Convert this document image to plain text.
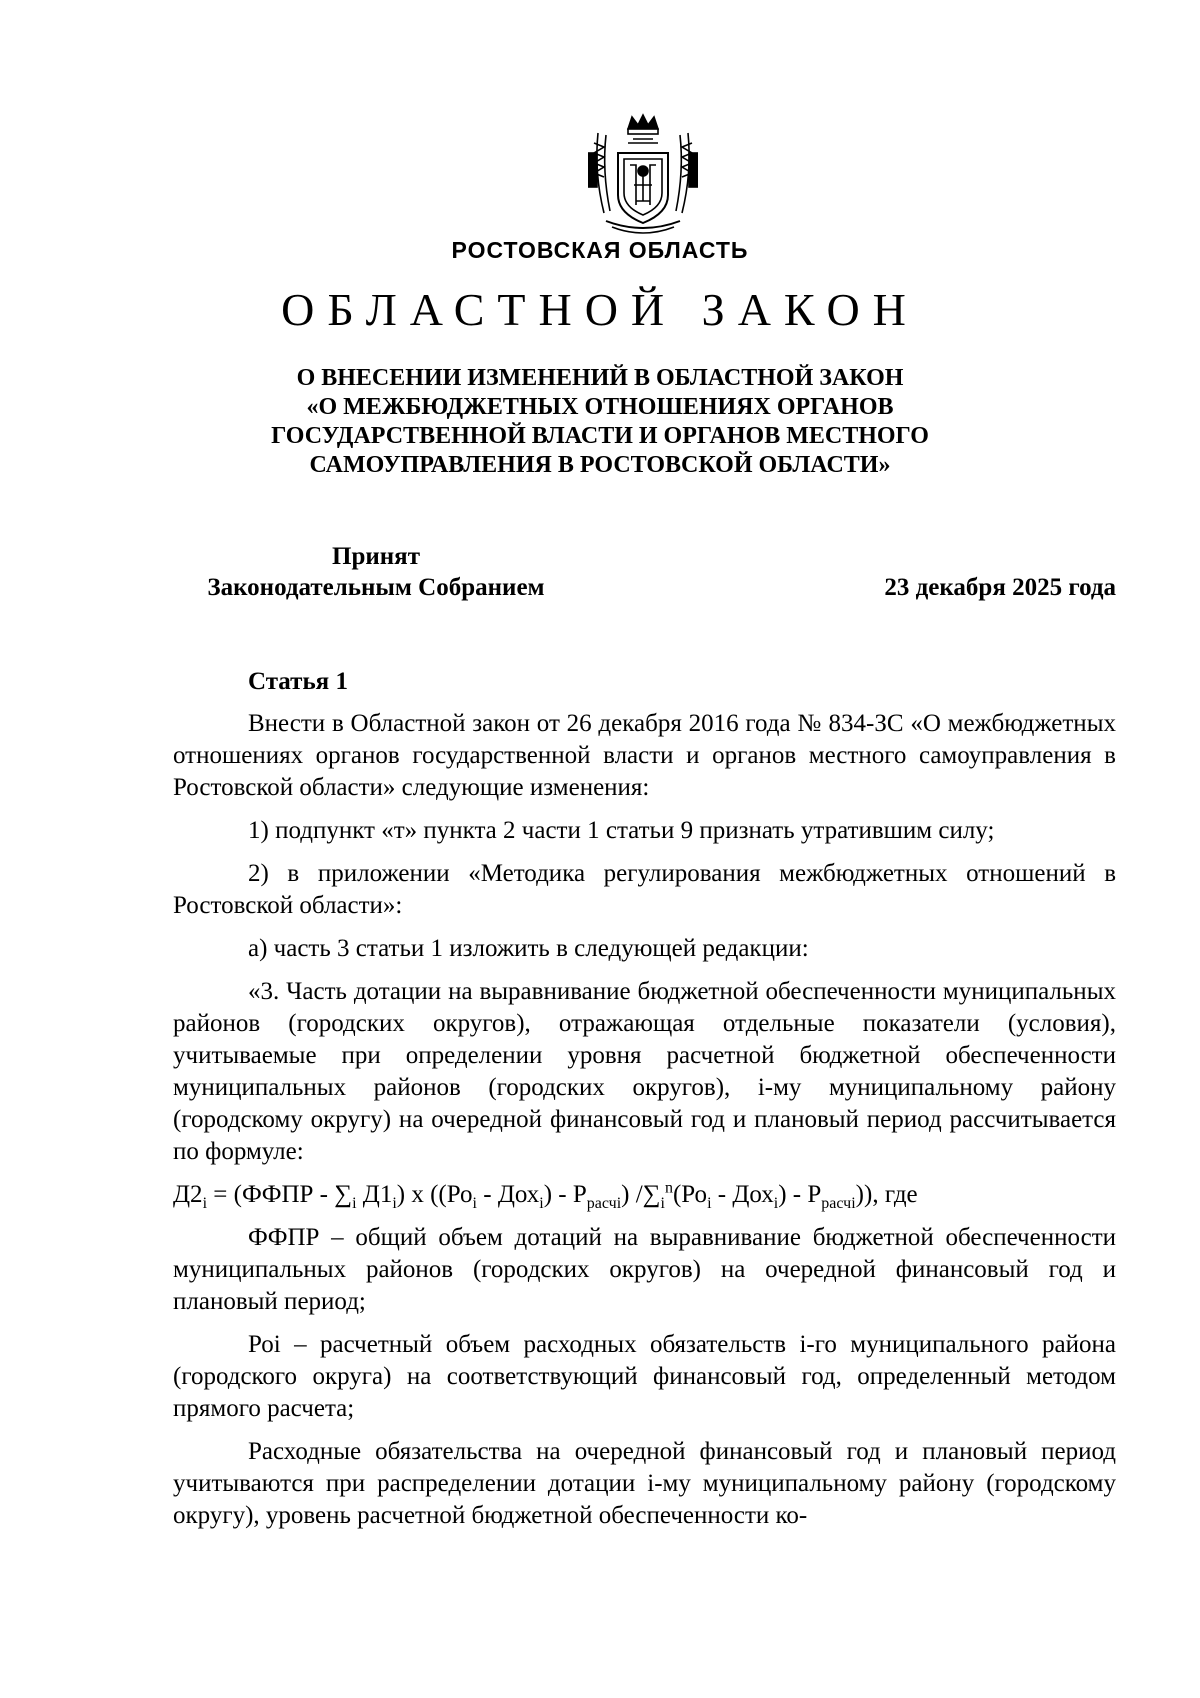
РОСТОВСКАЯ ОБЛАСТЬ
ОБЛАСТНОЙ ЗАКОН
О ВНЕСЕНИИ ИЗМЕНЕНИЙ В ОБЛАСТНОЙ ЗАКОН
«О МЕЖБЮДЖЕТНЫХ ОТНОШЕНИЯХ ОРГАНОВ
ГОСУДАРСТВЕННОЙ ВЛАСТИ И ОРГАНОВ МЕСТНОГО
САМОУПРАВЛЕНИЯ В РОСТОВСКОЙ ОБЛАСТИ»
Принят
Законодательным Собранием	23 декабря 2025 года
Статья 1

Внести в Областной закон от 26 декабря 2016 года № 834-ЗС «О межбюджетных отношениях органов государственной власти и органов местного самоуправления в Ростовской области» следующие изменения:

1) подпункт «т» пункта 2 части 1 статьи 9 признать утратившим силу;

2) в приложении «Методика регулирования межбюджетных отношений в Ростовской области»:

а) часть 3 статьи 1 изложить в следующей редакции:

«3. Часть дотации на выравнивание бюджетной обеспеченности муниципальных районов (городских округов), отражающая отдельные показатели (условия), учитываемые при определении уровня расчетной бюджетной обеспеченности муниципальных районов (городских округов), i-му муниципальному району (городскому округу) на очередной финансовый год и плановый период рассчитывается по формуле:

$Д2_i$ = (ФФПР - $\sum_i$ $Д1_i$) х $((Ро_i - Дох_i) - Р_{расчi})$ $/\sum_i^n(Ро_i - Дох_i) - Р_{расчi}$)), где

ФФПР – общий объем дотаций на выравнивание бюджетной обеспеченности муниципальных районов (городских округов) на очередной финансовый год и плановый период;

Роi – расчетный объем расходных обязательств i-го муниципального района (городского округа) на соответствующий финансовый год, определенный методом прямого расчета;

Расходные обязательства на очередной финансовый год и плановый период учитываются при распределении дотации i-му муниципальному району (городскому округу), уровень расчетной бюджетной обеспеченности ко-
